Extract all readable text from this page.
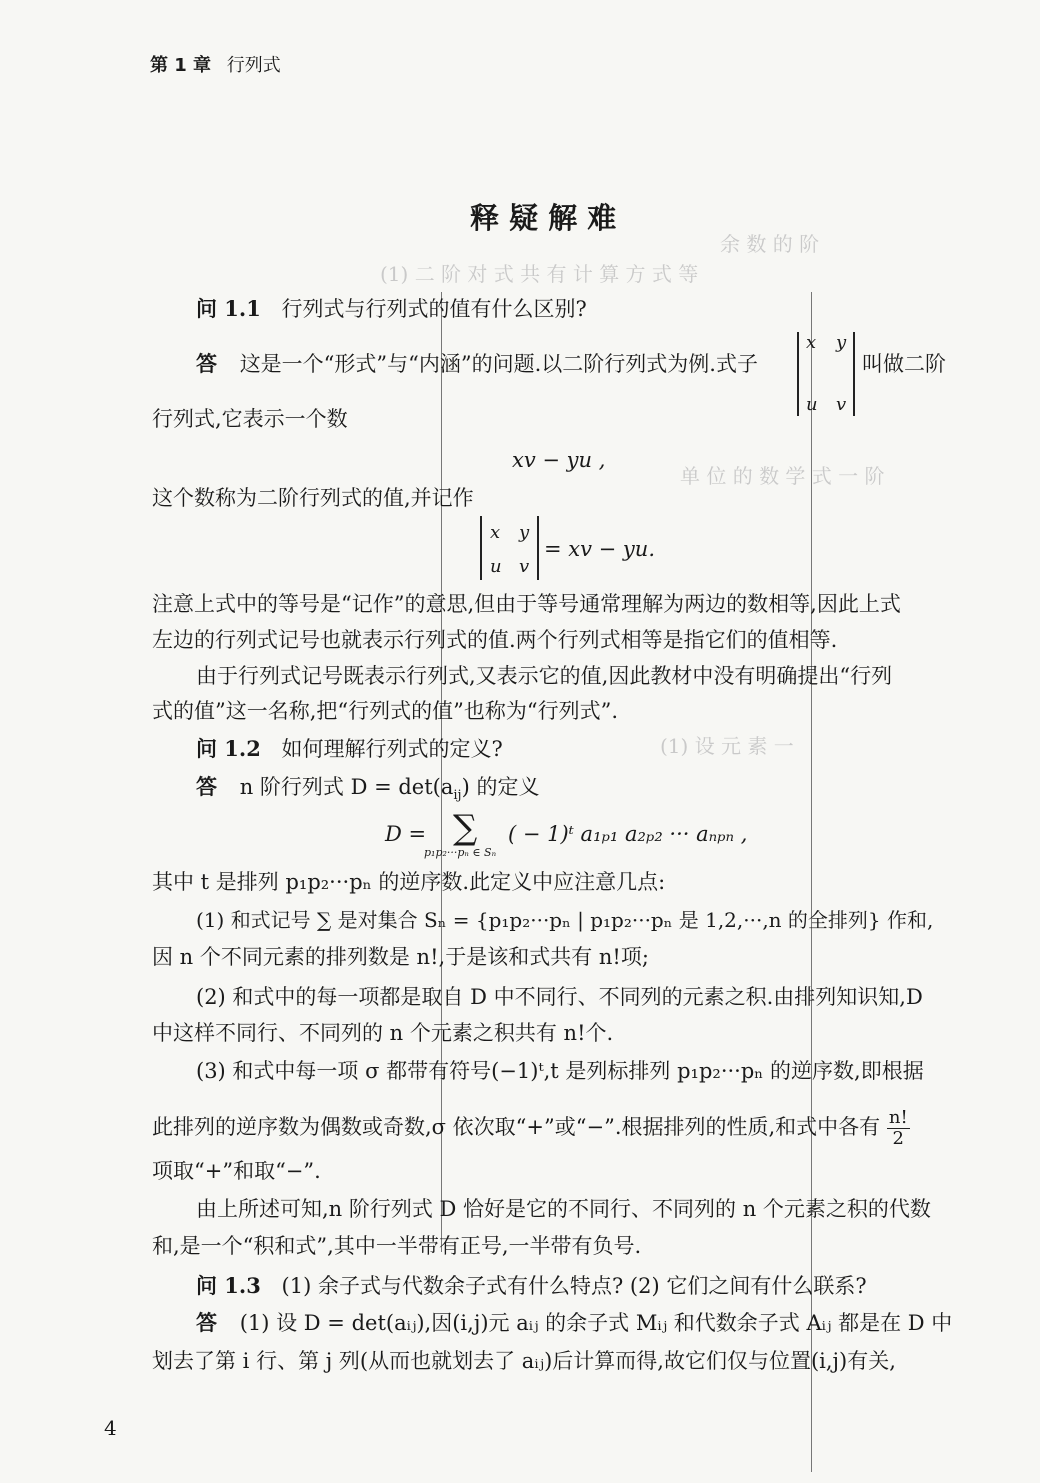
余 数 的 阶
(1) 二 阶 对 式 共 有 计 算 方 式 等
单 位 的 数 学 式 一 阶
(1) 设 元 素 一
第 1 章 行列式
释 疑 解 难
问 1.1 行列式与行列式的值有什么区别?
答 这是一个“形式”与“内涵”的问题.以二阶行列式为例.式子
x y
u v
叫做二阶
行列式,它表示一个数
xv − yu ,
这个数称为二阶行列式的值,并记作
x y
u v
= xv − yu.
注意上式中的等号是“记作”的意思,但由于等号通常理解为两边的数相等,因此上式
左边的行列式记号也就表示行列式的值.两个行列式相等是指它们的值相等.
由于行列式记号既表示行列式,又表示它的值,因此教材中没有明确提出“行列
式的值”这一名称,把“行列式的值”也称为“行列式”.
问 1.2 如何理解行列式的定义?
答 n 阶行列式 $D = \det(a_{ij})$ 的定义
D = ∑
p₁p₂···pₙ ∈ Sₙ
( − 1)ᵗ a₁ₚ₁ a₂ₚ₂ ··· aₙₚₙ ,
其中 t 是排列 p₁p₂···pₙ 的逆序数.此定义中应注意几点:
(1) 和式记号 ∑ 是对集合 Sₙ = {p₁p₂···pₙ | p₁p₂···pₙ 是 1,2,···,n 的全排列} 作和,
因 n 个不同元素的排列数是 n!,于是该和式共有 n!项;
(2) 和式中的每一项都是取自 D 中不同行、不同列的元素之积.由排列知识知,D
中这样不同行、不同列的 n 个元素之积共有 n!个.
(3) 和式中每一项 σ 都带有符号(−1)ᵗ,t 是列标排列 p₁p₂···pₙ 的逆序数,即根据
此排列的逆序数为偶数或奇数,σ 依次取“+”或“−”.根据排列的性质,和式中各有 $\frac{n!}{2}$
项取“+”和取“−”.
由上所述可知,n 阶行列式 D 恰好是它的不同行、不同列的 n 个元素之积的代数
和,是一个“积和式”,其中一半带有正号,一半带有负号.
问 1.3 (1) 余子式与代数余子式有什么特点? (2) 它们之间有什么联系?
答 (1) 设 D = det(aᵢⱼ),因(i,j)元 aᵢⱼ 的余子式 Mᵢⱼ 和代数余子式 Aᵢⱼ 都是在 D 中
划去了第 i 行、第 j 列(从而也就划去了 aᵢⱼ)后计算而得,故它们仅与位置(i,j)有关,
4
